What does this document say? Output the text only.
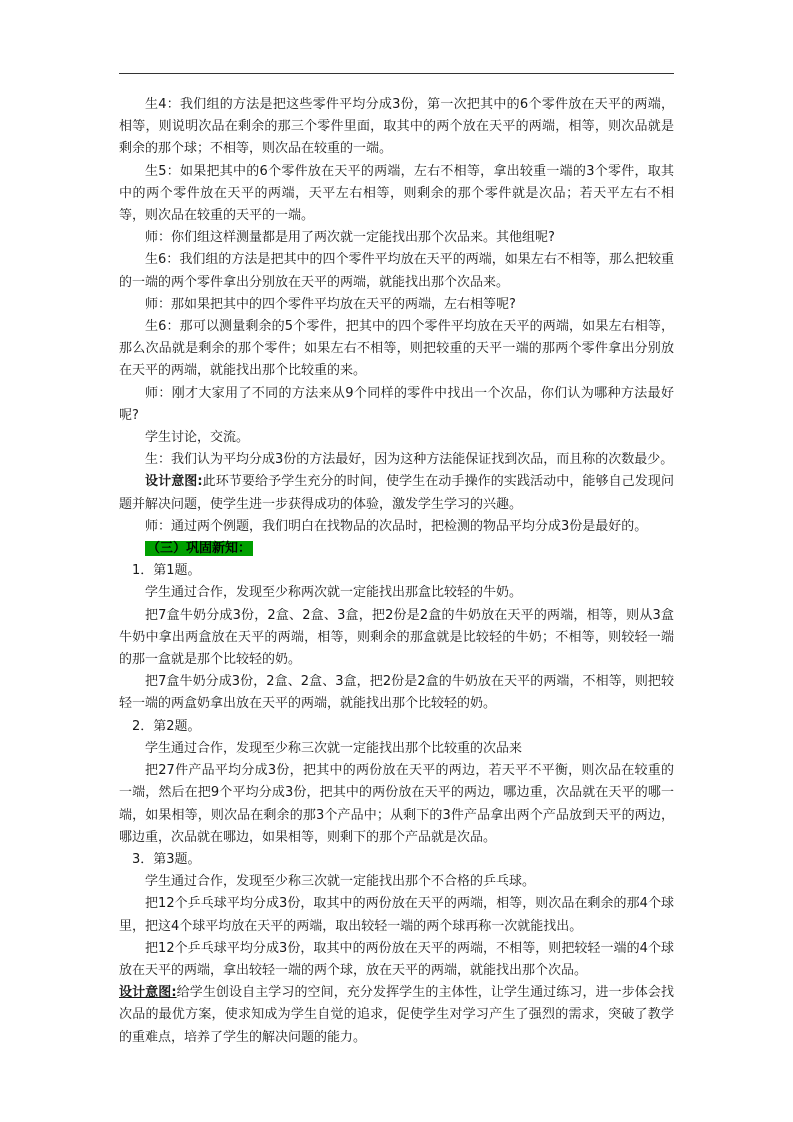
生4：我们组的方法是把这些零件平均分成3份，第一次把其中的6个零件放在天平的两端，相等，则说明次品在剩余的那三个零件里面，取其中的两个放在天平的两端，相等，则次品就是剩余的那个球；不相等，则次品在较重的一端。

生5：如果把其中的6个零件放在天平的两端，左右不相等，拿出较重一端的3个零件，取其中的两个零件放在天平的两端，天平左右相等，则剩余的那个零件就是次品；若天平左右不相等，则次品在较重的天平的一端。

师：你们组这样测量都是用了两次就一定能找出那个次品来。其他组呢?

生6：我们组的方法是把其中的四个零件平均放在天平的两端，如果左右不相等，那么把较重的一端的两个零件拿出分别放在天平的两端，就能找出那个次品来。

师：那如果把其中的四个零件平均放在天平的两端，左右相等呢?

生6：那可以测量剩余的5个零件，把其中的四个零件平均放在天平的两端，如果左右相等，那么次品就是剩余的那个零件；如果左右不相等，则把较重的天平一端的那两个零件拿出分别放在天平的两端，就能找出那个比较重的来。

师：刚才大家用了不同的方法来从9个同样的零件中找出一个次品，你们认为哪种方法最好呢?

学生讨论，交流。

生：我们认为平均分成3份的方法最好，因为这种方法能保证找到次品，而且称的次数最少。

设计意图:此环节要给予学生充分的时间，使学生在动手操作的实践活动中，能够自己发现问题并解决问题，使学生进一步获得成功的体验，激发学生学习的兴趣。

师：通过两个例题，我们明白在找物品的次品时，把检测的物品平均分成3份是最好的。

（三）巩固新知：

1．第1题。

学生通过合作，发现至少称两次就一定能找出那盒比较轻的牛奶。

把7盒牛奶分成3份，2盒、2盒、3盒，把2份是2盒的牛奶放在天平的两端，相等，则从3盒牛奶中拿出两盒放在天平的两端，相等，则剩余的那盒就是比较轻的牛奶；不相等，则较轻一端的那一盒就是那个比较轻的奶。

把7盒牛奶分成3份，2盒、2盒、3盒，把2份是2盒的牛奶放在天平的两端，不相等，则把较轻一端的两盒奶拿出放在天平的两端，就能找出那个比较轻的奶。

2．第2题。

学生通过合作，发现至少称三次就一定能找出那个比较重的次品来

把27件产品平均分成3份，把其中的两份放在天平的两边，若天平不平衡，则次品在较重的一端，然后在把9个平均分成3份，把其中的两份放在天平的两边，哪边重，次品就在天平的哪一端，如果相等，则次品在剩余的那3个产品中；从剩下的3件产品拿出两个产品放到天平的两边，哪边重，次品就在哪边，如果相等，则剩下的那个产品就是次品。

3．第3题。

学生通过合作，发现至少称三次就一定能找出那个不合格的乒乓球。

把12个乒乓球平均分成3份，取其中的两份放在天平的两端，相等，则次品在剩余的那4个球里，把这4个球平均放在天平的两端，取出较轻一端的两个球再称一次就能找出。

把12个乒乓球平均分成3份，取其中的两份放在天平的两端，不相等，则把较轻一端的4个球放在天平的两端，拿出较轻一端的两个球，放在天平的两端，就能找出那个次品。

设计意图:给学生创设自主学习的空间，充分发挥学生的主体性，让学生通过练习，进一步体会找次品的最优方案，使求知成为学生自觉的追求，促使学生对学习产生了强烈的需求，突破了教学的重难点，培养了学生的解决问题的能力。
